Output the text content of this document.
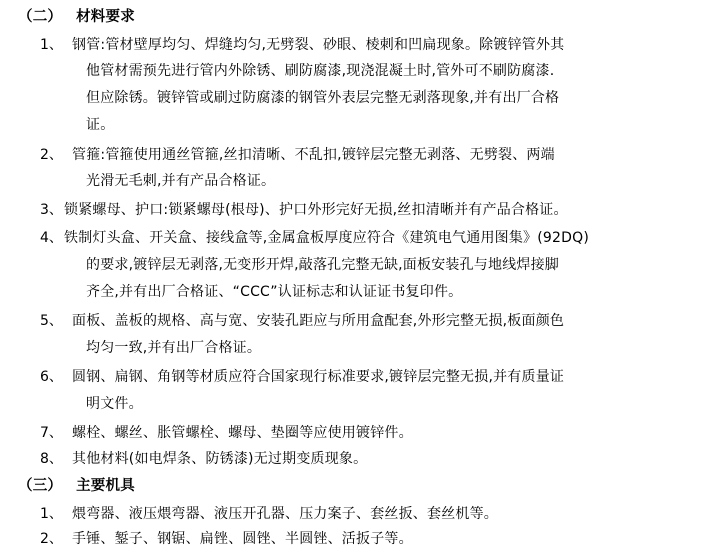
（二） 材料要求
1、 钢管:管材壁厚均匀、焊缝均匀,无劈裂、砂眼、棱刺和凹扁现象。除镀锌管外其
他管材需预先进行管内外除锈、刷防腐漆,现浇混凝土时,管外可不刷防腐漆.
但应除锈。镀锌管或刷过防腐漆的钢管外表层完整无剥落现象,并有出厂合格
证。
2、 管箍:管箍使用通丝管箍,丝扣清晰、不乱扣,镀锌层完整无剥落、无劈裂、两端
光滑无毛刺,并有产品合格证。
3、 锁紧螺母、护口:锁紧螺母(根母)、护口外形完好无损,丝扣清晰并有产品合格证。
4、 铁制灯头盒、开关盒、接线盒等,金属盒板厚度应符合《建筑电气通用图集》(92DQ)
的要求,镀锌层无剥落,无变形开焊,敲落孔完整无缺,面板安装孔与地线焊接脚
齐全,并有出厂合格证、“CCC”认证标志和认证证书复印件。
5、 面板、盖板的规格、高与宽、安装孔距应与所用盒配套,外形完整无损,板面颜色
均匀一致,并有出厂合格证。
6、 圆钢、扁钢、角钢等材质应符合国家现行标准要求,镀锌层完整无损,并有质量证
明文件。
7、 螺栓、螺丝、胀管螺栓、螺母、垫圈等应使用镀锌件。
8、 其他材料(如电焊条、防锈漆)无过期变质现象。
（三） 主要机具
1、 煨弯器、液压煨弯器、液压开孔器、压力案子、套丝扳、套丝机等。
2、 手锤、錾子、钢锯、扁锉、圆锉、半圆锉、活扳子等。
